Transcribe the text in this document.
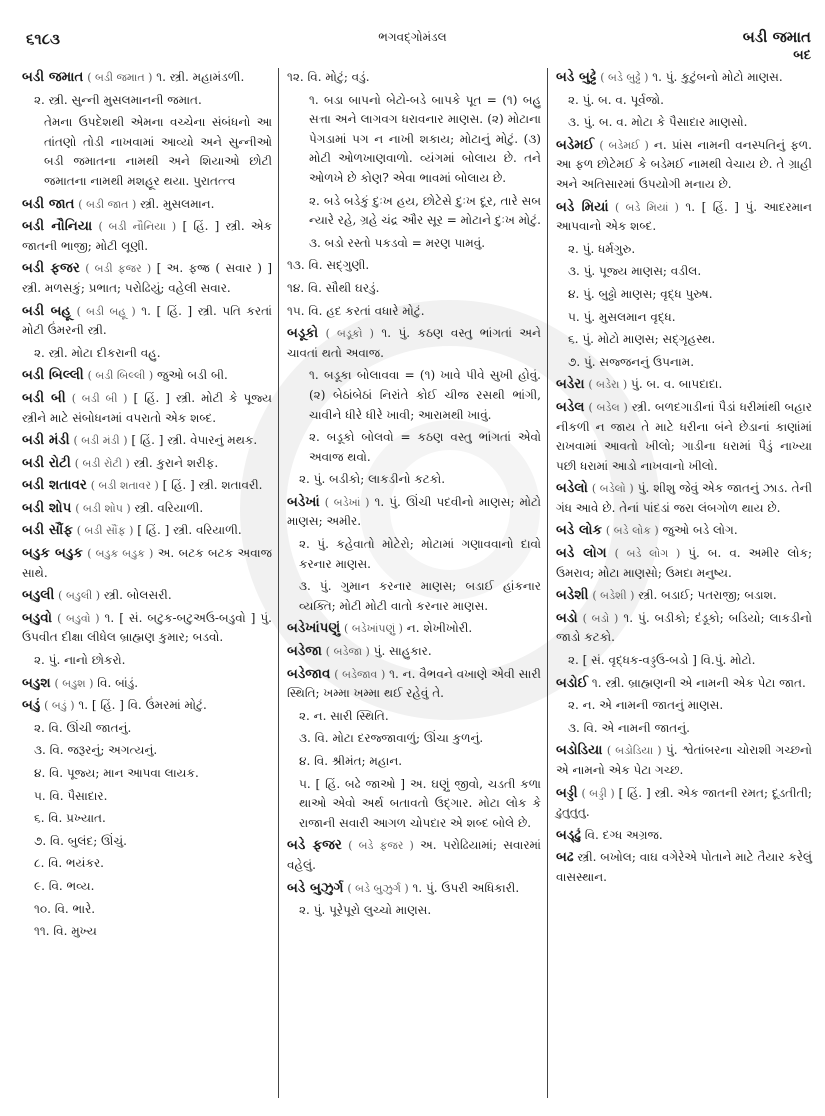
૬૧૮૩	ભગવદ્ગોમંડલ	બડી જમાત
બદ
બડી જમાત ( બડી જમાત ) ૧. સ્ત્રી. મહામંડળી.
૨. સ્ત્રી. સુન્ની મુસલમાનની જમાત.
તેમના ઉપદેશથી એમના વચ્ચેના સંબંધનો આ તાંતણો તોડી નાખવામાં આવ્યો અને સુન્નીઓ બડી જમાતના નામથી અને શિયાઓ છોટી જમાતના નામથી મશહૂર થયા. પુરાતત્ત્વ
બડી જાત ( બડી જાત ) સ્ત્રી. મુસલમાન.
બડી નૌનિયા ( બડી નૌનિયા ) [ હિં. ] સ્ત્રી. એક જાતની ભાજી; મોટી લૂણી.
બડી ફજર ( બડી ફજર ) [ અ. ફજ્ર ( સવાર ) ] સ્ત્રી. મળસકું; પ્રભાત; પરોઢિયું; વહેલી સવાર.
બડી બહૂ ( બડી બહૂ ) ૧. [ હિં. ] સ્ત્રી. પતિ કરતાં મોટી ઉંમરની સ્ત્રી.
૨. સ્ત્રી. મોટા દીકરાની વહુ.
બડી બિલ્લી ( બડી બિલ્લી ) જુઓ બડી બી.
બડી બી ( બડી બી ) [ હિં. ] સ્ત્રી. મોટી કે પૂજ્ય સ્ત્રીને માટે સંબોધનમાં વપરાતો એક શબ્દ.
બડી મંડી ( બડી મંડી ) [ હિં. ] સ્ત્રી. વેપારનું મથક.
બડી રોટી ( બડી રોટી ) સ્ત્રી. કુરાને શરીફ.
બડી શતાવર ( બડી શતાવર ) [ હિં. ] સ્ત્રી. શતાવરી.
બડી શોપ ( બડી શોપ ) સ્ત્રી. વરિયાળી.
બડી સૌંફ ( બડી સૌંફ ) [ હિં. ] સ્ત્રી. વરિયાળી.
બડુક બડુક ( બડુક બડુક ) અ. બટક બટક અવાજ સાથે.
બડુલી ( બડુલી ) સ્ત્રી. બોલસરી.
બડુવો ( બડુવો ) ૧. [ સં. બટુક-બટુઅઉ-બડુવો ] પું. ઉપવીત દીક્ષા લીધેલ બ્રાહ્મણ કુમાર; બડવો.
૨. પું. નાનો છોકરો.
બડુશ ( બડુશ ) વિ. બાંડું.
બડું ( બડું ) ૧. [ હિં. ] વિ. ઉંમરમાં મોટું.
૨. વિ. ઊંચી જાતનું.
૩. વિ. જરૂરનું; અગત્યનું.
૪. વિ. પૂજ્ય; માન આપવા લાયક.
૫. વિ. પૈસાદાર.
૬. વિ. પ્રખ્યાત.
૭. વિ. બુલંદ; ઊંચું.
૮. વિ. ભયંકર.
૯. વિ. ભવ્ય.
૧૦. વિ. ભારે.
૧૧. વિ. મુખ્ય
૧૨. વિ. મોટું; વડું.
૧. બડા બાપનો બેટો-બડે બાપકે પૂત = (૧) બહુ સત્તા અને લાગવગ ધરાવનાર માણસ. (૨) મોટાના પેગડામાં પગ ન નાખી શકાય; મોટાનું મોટું. (૩) મોટી ઓળખાણવાળો. વ્યંગમાં બોલાય છે. તને ઓળખે છે કોણ? એવા ભાવમાં બોલાય છે.
૨. બડે બડેકું દુઃખ હય, છોટેસે દુઃખ દૂર, તારે સબ ન્યારે રહે, ગ્રહે ચંદ્ર ઔર સૂર = મોટાને દુઃખ મોટું.
૩. બડો રસ્તો પકડવો = મરણ પામવું.
૧૩. વિ. સદ્ગુણી.
૧૪. વિ. સૌથી ઘરડું.
૧૫. વિ. હદ કરતાં વધારે મોટું.
બડૂકો ( બડૂકો ) ૧. પું. કઠણ વસ્તુ ભાંગતાં અને ચાવતાં થતો અવાજ.
૧. બડૂકા બોલાવવા = (૧) ખાવે પીવે સુખી હોવું. (૨) બેઠાંબેઠાં નિરાંતે કોઈ ચીજ રસથી ભાંગી, ચાવીને ધીરે ધીરે ખાવી; આરામથી ખાવું.
૨. બડૂકો બોલવો = કઠણ વસ્તુ ભાંગતાં એવો અવાજ થવો.
૨. પું. બડીકો; લાકડીનો કટકો.
બડેખાં ( બડેખાં ) ૧. પું. ઊંચી પદવીનો માણસ; મોટો માણસ; અમીર.
૨. પું. કહેવાતો મોટેરો; મોટામાં ગણાવવાનો દાવો કરનાર માણસ.
૩. પું. ગુમાન કરનાર માણસ; બડાઈ હાંકનાર વ્યક્તિ; મોટી મોટી વાતો કરનાર માણસ.
બડેખાંપણું ( બડેખાંપણું ) ન. શેખીખોરી.
બડેજા ( બડેજા ) પું. સાહુકાર.
બડેજાવ ( બડેજાવ ) ૧. ન. વૈભવને વખાણે એવી સારી સ્થિતિ; ખમ્મા ખમ્મા થઈ રહેવું તે.
૨. ન. સારી સ્થિતિ.
૩. વિ. મોટા દરજ્જાવાળું; ઊંચા કુળનું.
૪. વિ. શ્રીમંત; મહાન.
૫. [ હિં. બઢે જાઓ ] અ. ઘણું જીવો, ચડતી કળા થાઓ એવો અર્થ બતાવતો ઉદ્ગાર. મોટા લોક કે રાજાની સવારી આગળ ચોપદાર એ શબ્દ બોલે છે.
બડે ફજર ( બડે ફજર ) અ. પરોઢિયામાં; સવારમાં વહેલું.
બડે બુઝુર્ગ ( બડે બુઝુર્ગ ) ૧. પું. ઉપરી અધિકારી.
૨. પું. પૂરેપૂરો લુચ્ચો માણસ.
બડે બુઢ્ઢે ( બડે બુઢ્ઢે ) ૧. પું. કુટુંબનો મોટો માણસ.
૨. પું. બ. વ. પૂર્વજો.
૩. પું. બ. વ. મોટા કે પૈસાદાર માણસો.
બડેમઈ ( બડેમઈ ) ન. પ્રાંસ નામની વનસ્પતિનું ફળ. આ ફળ છોટેમઈ કે બડેમઈ નામથી વેચાય છે. તે ગ્રાહી અને અતિસારમાં ઉપયોગી મનાય છે.
બડે મિયાં ( બડે મિયાં ) ૧. [ હિં. ] પું. આદરમાન આપવાનો એક શબ્દ.
૨. પું. ધર્મગુરુ.
૩. પું. પૂજ્ય માણસ; વડીલ.
૪. પું. બુઢ્ઢો માણસ; વૃદ્ધ પુરુષ.
૫. પું. મુસલમાન વૃદ્ધ.
૬. પું. મોટો માણસ; સદ્ગૃહસ્થ.
૭. પું. સજ્જનનું ઉપનામ.
બડેરા ( બડેરા ) પું. બ. વ. બાપદાદા.
બડેલ ( બડેલ ) સ્ત્રી. બળદગાડીનાં પૈડાં ધરીમાંથી બહાર નીકળી ન જાય તે માટે ધરીના બંને છેડાનાં કાણાંમાં રાખવામાં આવતો ખીલો; ગાડીના ધરામાં પૈડું નાખ્યા પછી ધરામાં આડો નાખવાનો ખીલો.
બડેલો ( બડેલો ) પું. શીશુ જેવું એક જાતનું ઝાડ. તેની ગંધ આવે છે. તેનાં પાંદડાં જરા લંબગોળ થાય છે.
બડે લોક ( બડે લોક ) જુઓ બડે લોગ.
બડે લોગ ( બડે લોગ ) પું. બ. વ. અમીર લોક; ઉમરાવ; મોટા માણસો; ઉમદા મનુષ્ય.
બડેશી ( બડેશી ) સ્ત્રી. બડાઈ; પતરાજી; બડાશ.
બડો ( બડો ) ૧. પું. બડીકો; દંડૂકો; બડિયો; લાકડીનો જાડો કટકો.
૨. [ સં. વૃદ્ધક-વડ્ડઉ-બડો ] વિ.પું. મોટો.
બડોઈ ૧. સ્ત્રી. બ્રાહ્મણની એ નામની એક પેટા જાત.
૨. ન. એ નામની જાતનું માણસ.
૩. વિ. એ નામની જાતનું.
બડોડિયા ( બડોડિયા ) પું. શ્વેતાંબરના ચોરાશી ગચ્છનો એ નામનો એક પેટા ગચ્છ.
બડ્ડી ( બડ્ડી ) [ હિં. ] સ્ત્રી. એક જાતની રમત; દૂડતીતી; ઢુતુતુતુ.
બડ્ઢું વિ. દગ્ધ અગ્રજ.
બઢ સ્ત્રી. બખોલ; વાઘ વગેરેએ પોતાને માટે તૈયાર કરેલું વાસસ્થાન.
